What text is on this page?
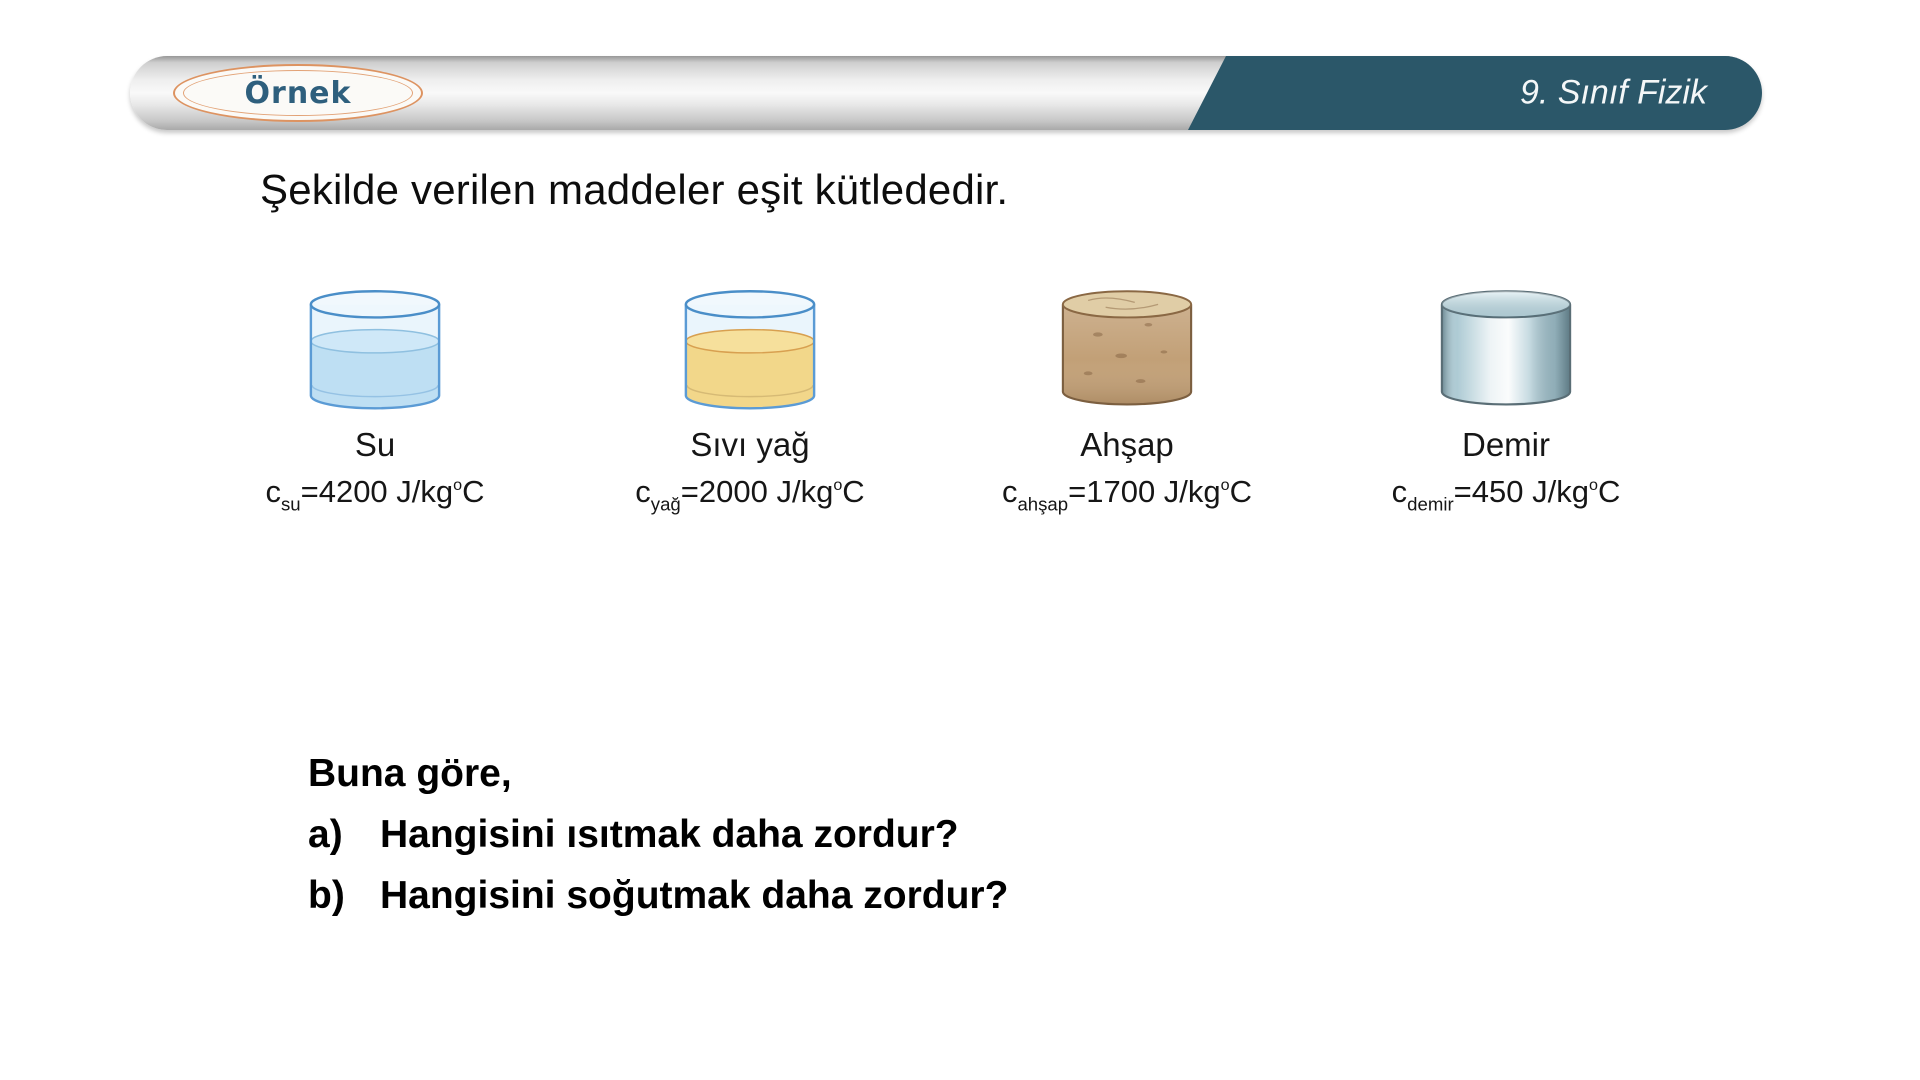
Örnek	9. Sınıf Fizik
Şekilde verilen maddeler eşit kütlededir.
Su
$c_{su}=4200$ $J/kg^oC$
Sıvı yağ
$c_{yağ}=2000$ $J/kg^oC$
Ahşap
$c_{ahşap}=1700$ $J/kg^oC$
Demir
$c_{demir}=450$ $J/kg^oC$
Buna göre,
a) Hangisini ısıtmak daha zordur?
b) Hangisini soğutmak daha zordur?
